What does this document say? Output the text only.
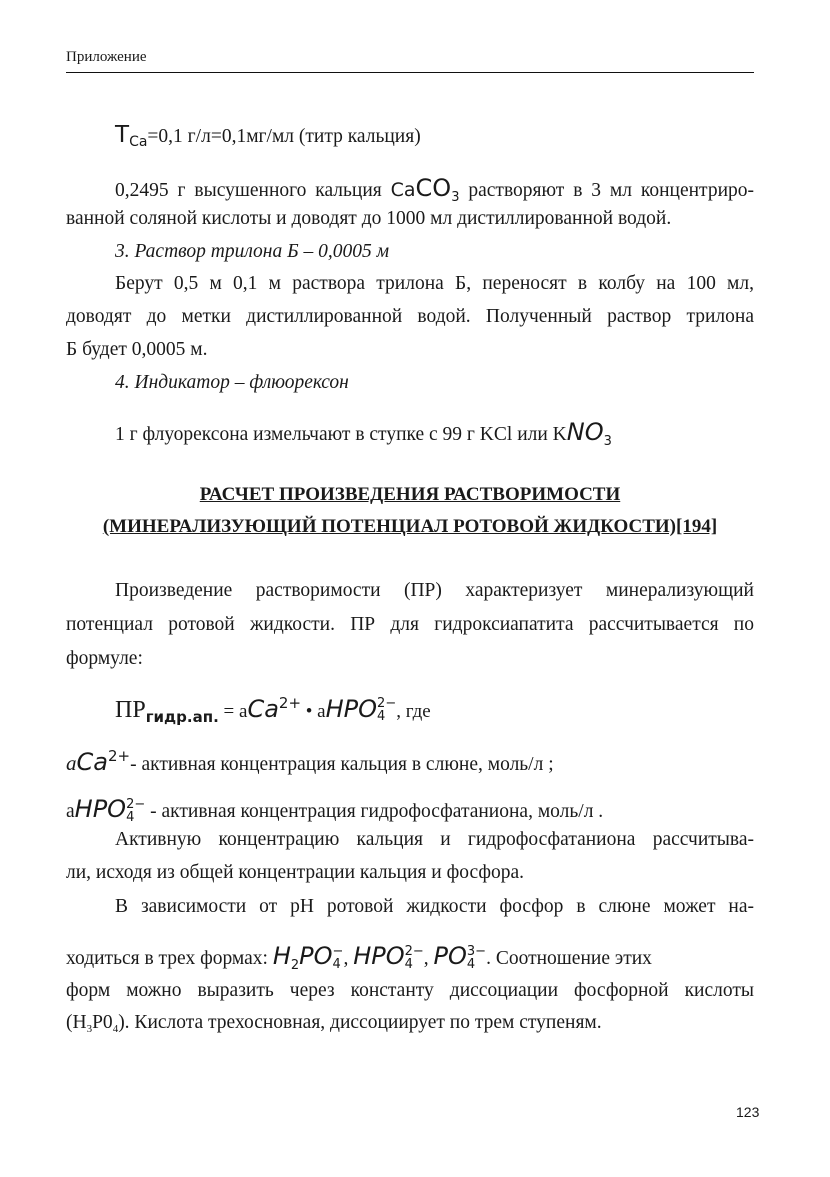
Приложение
$Т_{Ca}=0,1$ г/л=0,1мг/мл (титр кальция)
0,2495 г высушенного кальция CaCO$_3$ растворяют в 3 мл концентриро-
ванной соляной кислоты и доводят до 1000 мл дистиллированной водой.
3. Раствор трилона Б – 0,0005 м
Берут 0,5 м 0,1 м раствора трилона Б, переносят в колбу на 100 мл,
доводят до метки дистиллированной водой. Полученный раствор трилона
Б будет 0,0005 м.
4. Индикатор – флюорексон
1 г флуорексона измельчают в ступке с 99 г KCl или $KNO_3$
РАСЧЕТ ПРОИЗВЕДЕНИЯ РАСТВОРИМОСТИ
(МИНЕРАЛИЗУЮЩИЙ ПОТЕНЦИАЛ РОТОВОЙ ЖИДКОСТИ)[194]
Произведение растворимости (ПР) характеризует минерализующий
потенциал ротовой жидкости. ПР для гидроксиапатита рассчитывается по
формуле:
$ПР_{гидр.ап.} = aCa^{2+}$ • aHPO 2−
4 , где
aCa$^{2+}$- активная концентрация кальция в слюне, моль/л ;
aHPO 2−
4 - активная концентрация гидрофосфатаниона, моль/л .
Активную концентрацию кальция и гидрофосфатаниона рассчитыва-
ли, исходя из общей концентрации кальция и фосфора.
В зависимости от pH ротовой жидкости фосфор в слюне может на-
ходиться в трех формах: $H_2PO$ −
4 , HPO 2−
4 , PO 3−
4 . Соотношение этих
форм можно выразить через константу диссоциации фосфорной кислоты
$(H_3P0_4)$. Кислота трехосновная, диссоциирует по трем ступеням.
123
